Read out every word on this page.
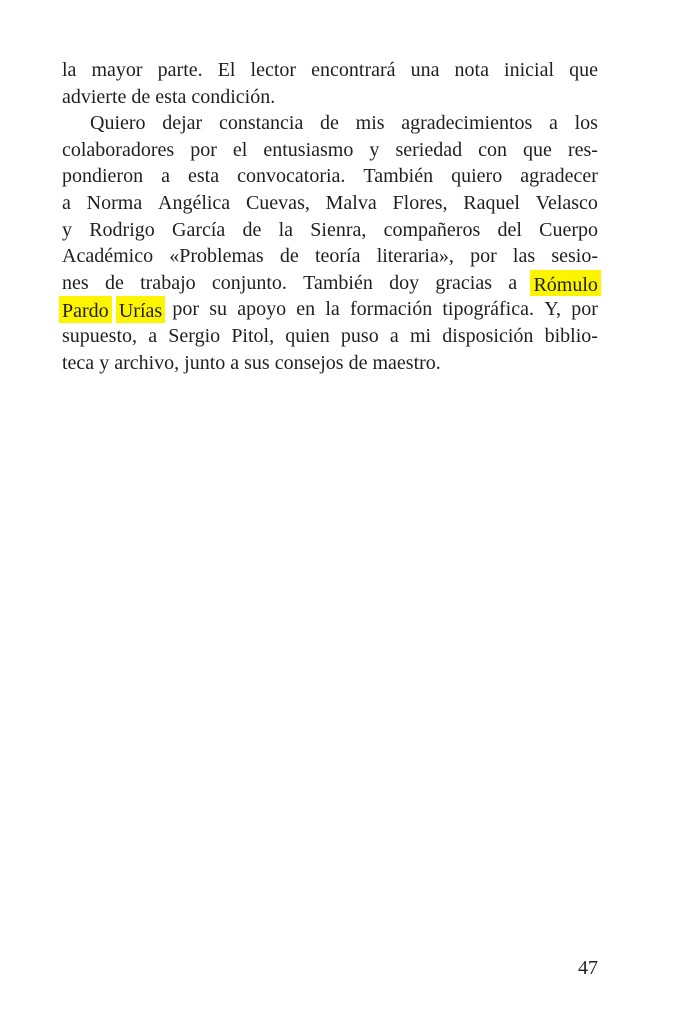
la mayor parte. El lector encontrará una nota inicial que
advierte de esta condición.
Quiero dejar constancia de mis agradecimientos a los
colaboradores por el entusiasmo y seriedad con que res-
pondieron a esta convocatoria. También quiero agradecer
a Norma Angélica Cuevas, Malva Flores, Raquel Velasco
y Rodrigo García de la Sienra, compañeros del Cuerpo
Académico «Problemas de teoría literaria», por las sesio-
nes de trabajo conjunto. También doy gracias a Rómulo
Pardo Urías por su apoyo en la formación tipográfica. Y, por
supuesto, a Sergio Pitol, quien puso a mi disposición biblio-
teca y archivo, junto a sus consejos de maestro.
47
